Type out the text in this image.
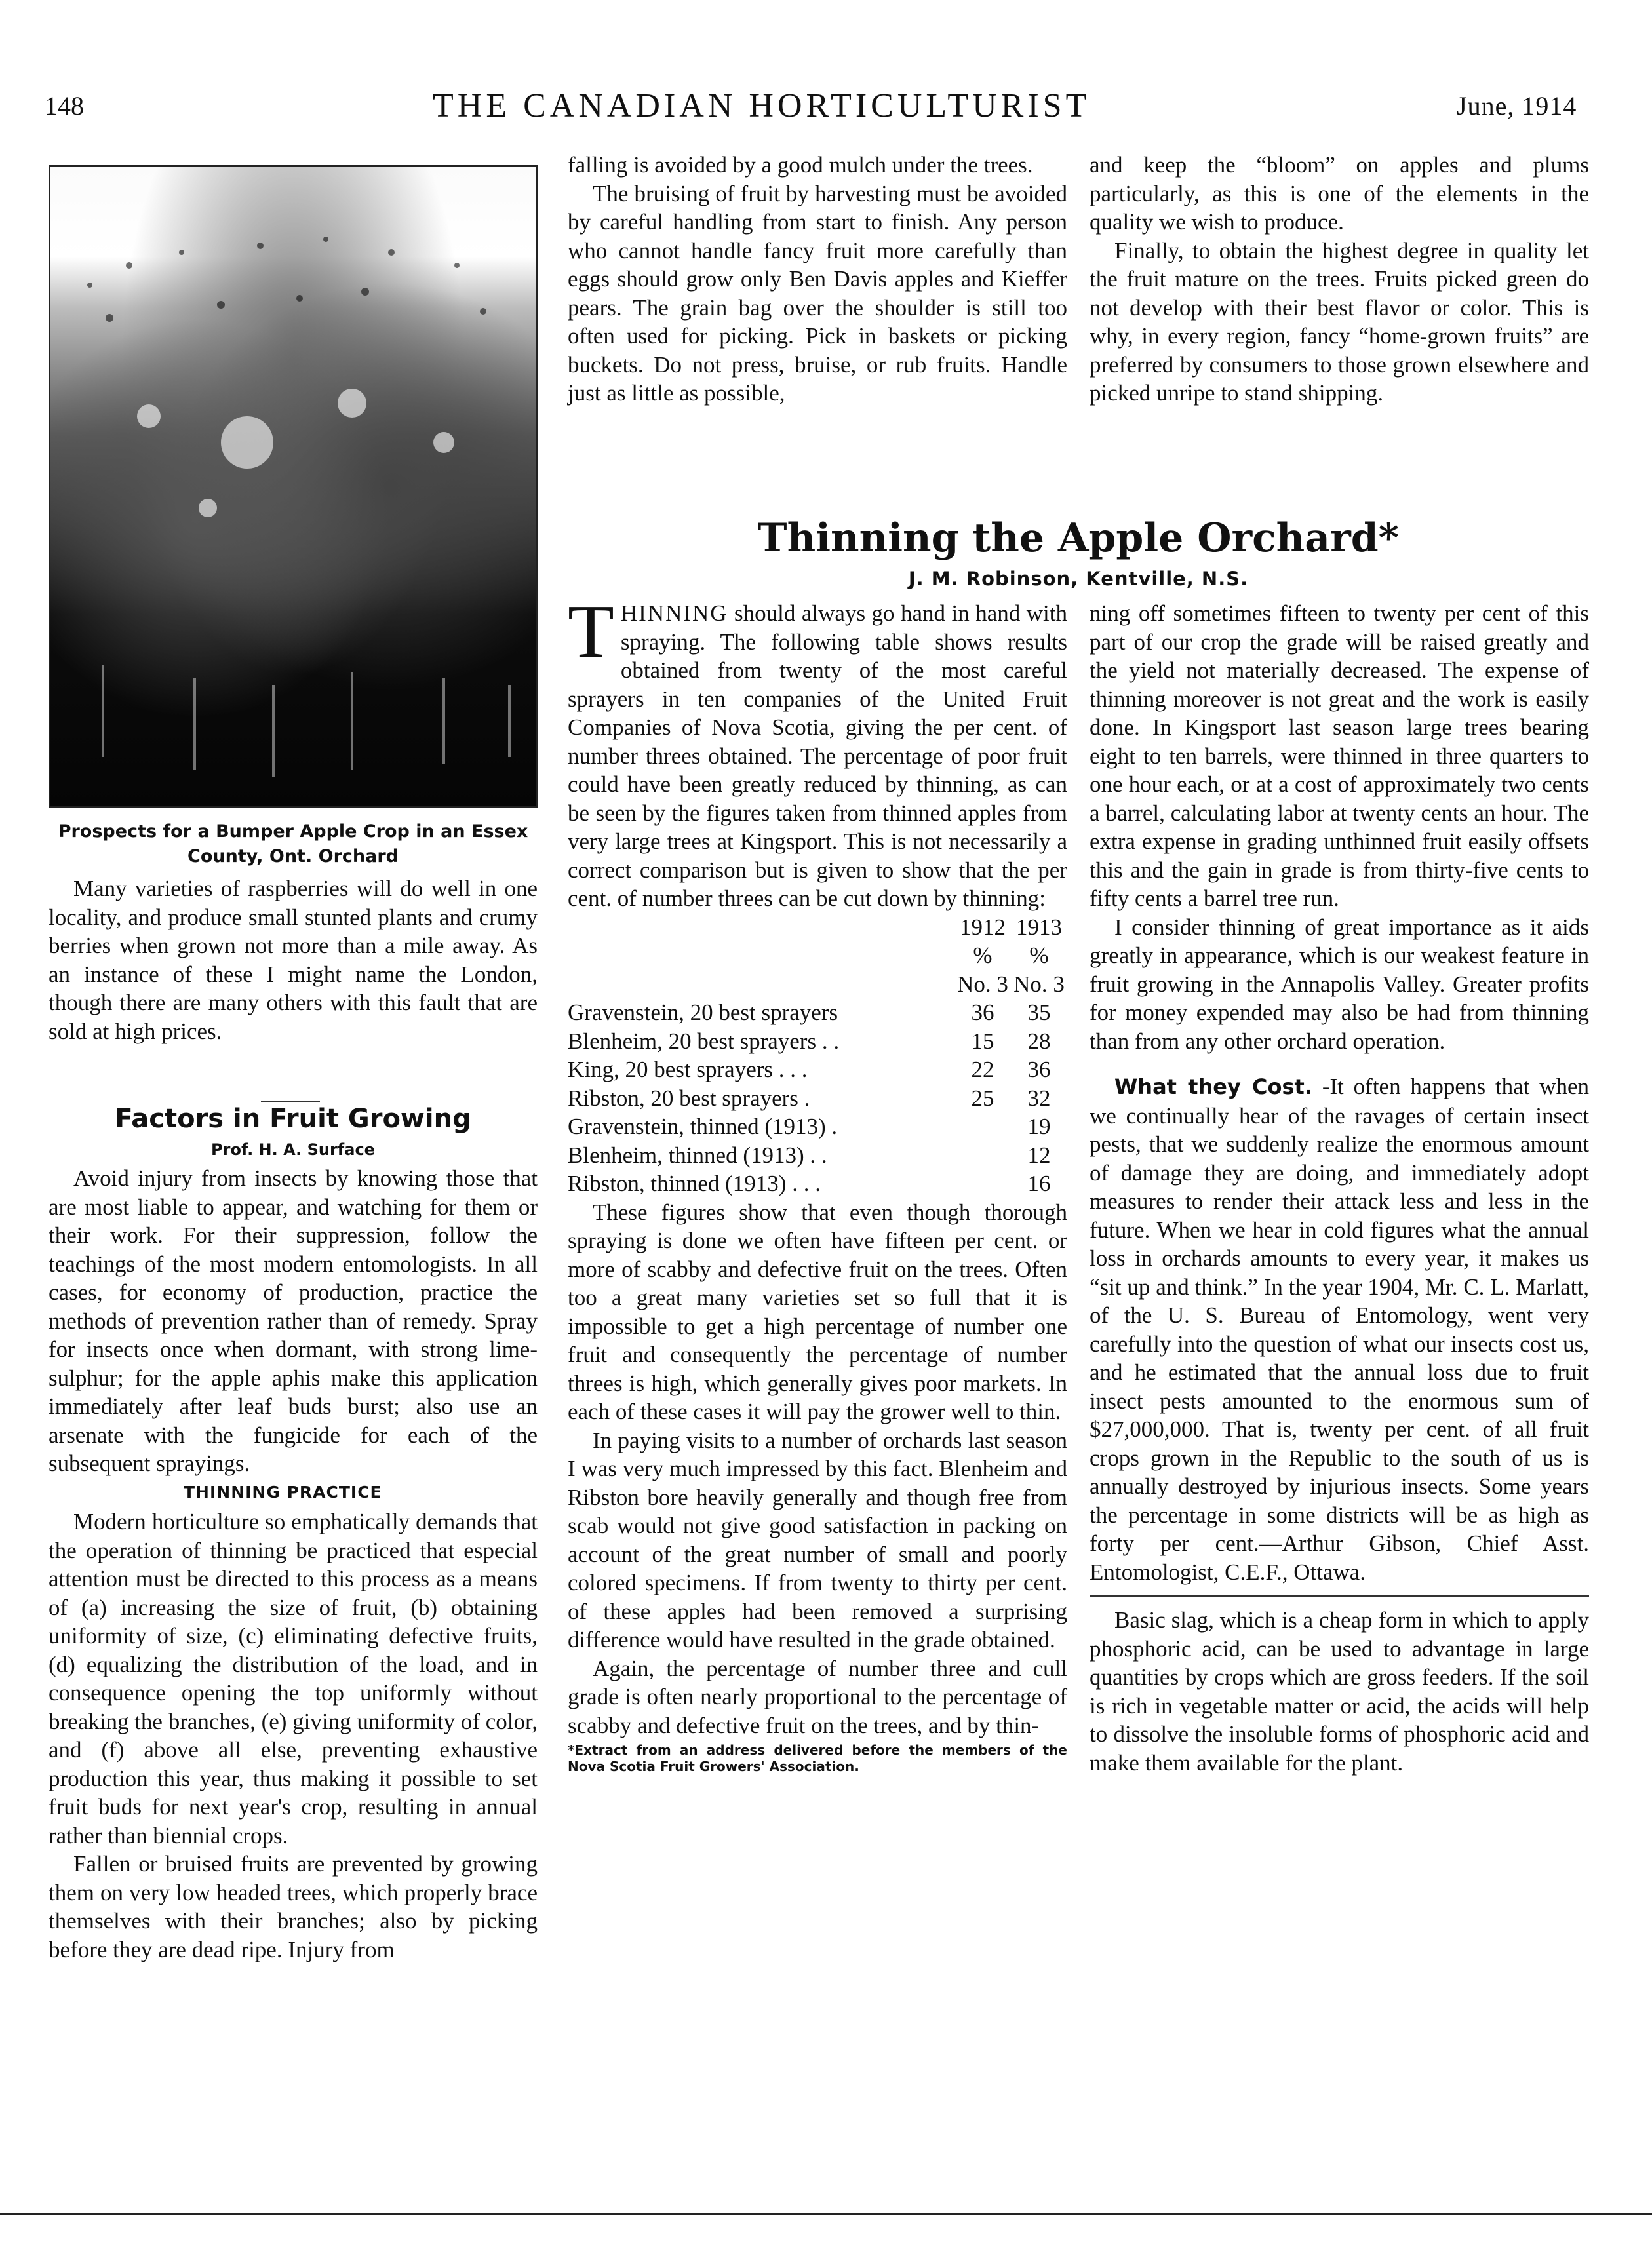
148	THE CANADIAN HORTICULTURIST	June, 1914
Prospects for a Bumper Apple Crop in an Essex County, Ont. Orchard

Many varieties of raspberries will do well in one locality, and produce small stunted plants and crumy berries when grown not more than a mile away. As an instance of these I might name the London, though there are many others with this fault that are sold at high prices.

Factors in Fruit Growing
Prof. H. A. Surface

Avoid injury from insects by knowing those that are most liable to appear, and watching for them or their work. For their suppression, follow the teachings of the most modern entomologists. In all cases, for economy of production, practice the methods of prevention rather than of remedy. Spray for insects once when dormant, with strong lime-sulphur; for the apple aphis make this application immediately after leaf buds burst; also use an arsenate with the fungicide for each of the subsequent sprayings.

THINNING PRACTICE

Modern horticulture so emphatically demands that the operation of thinning be practiced that especial attention must be directed to this process as a means of (a) increasing the size of fruit, (b) obtaining uniformity of size, (c) eliminating defective fruits, (d) equalizing the distribution of the load, and in consequence opening the top uniformly without breaking the branches, (e) giving uniformity of color, and (f) above all else, preventing exhaustive production this year, thus making it possible to set fruit buds for next year's crop, resulting in annual rather than biennial crops.

Fallen or bruised fruits are prevented by growing them on very low headed trees, which properly brace themselves with their branches; also by picking before they are dead ripe. Injury from

falling is avoided by a good mulch under the trees.

The bruising of fruit by harvesting must be avoided by careful handling from start to finish. Any person who cannot handle fancy fruit more carefully than eggs should grow only Ben Davis apples and Kieffer pears. The grain bag over the shoulder is still too often used for picking. Pick in baskets or picking buckets. Do not press, bruise, or rub fruits. Handle just as little as possible,

and keep the “bloom” on apples and plums particularly, as this is one of the elements in the quality we wish to produce.

Finally, to obtain the highest degree in quality let the fruit mature on the trees. Fruits picked green do not develop with their best flavor or color. This is why, in every region, fancy “home-grown fruits” are preferred by consumers to those grown elsewhere and picked unripe to stand shipping.

Thinning the Apple Orchard*
J. M. Robinson, Kentville, N.S.

THINNING should always go hand in hand with spraying. The following table shows results obtained from twenty of the most careful sprayers in ten companies of the United Fruit Companies of Nova Scotia, giving the per cent. of number threes obtained. The percentage of poor fruit could have been greatly reduced by thinning, as can be seen by the figures taken from thinned apples from very large trees at Kingsport. This is not necessarily a correct comparison but is given to show that the per cent. of number threes can be cut down by thinning:

	1912	1913
	%	%
	No. 3	No. 3
Gravenstein, 20 best sprayers	36	35
Blenheim, 20 best sprayers . .	15	28
King, 20 best sprayers . . .	22	36
Ribston, 20 best sprayers .	25	32
Gravenstein, thinned (1913) .		19
Blenheim, thinned (1913) . .		12
Ribston, thinned (1913) . . .		16

These figures show that even though thorough spraying is done we often have fifteen per cent. or more of scabby and defective fruit on the trees. Often too a great many varieties set so full that it is impossible to get a high percentage of number one fruit and consequently the percentage of number threes is high, which generally gives poor markets. In each of these cases it will pay the grower well to thin.

In paying visits to a number of orchards last season I was very much impressed by this fact. Blenheim and Ribston bore heavily generally and though free from scab would not give good satisfaction in packing on account of the great number of small and poorly colored specimens. If from twenty to thirty per cent. of these apples had been removed a surprising difference would have resulted in the grade obtained.

Again, the percentage of number three and cull grade is often nearly proportional to the percentage of scabby and defective fruit on the trees, and by thin-

*Extract from an address delivered before the members of the Nova Scotia Fruit Growers' Association.

ning off sometimes fifteen to twenty per cent of this part of our crop the grade will be raised greatly and the yield not materially decreased. The expense of thinning moreover is not great and the work is easily done. In Kingsport last season large trees bearing eight to ten barrels, were thinned in three quarters to one hour each, or at a cost of approximately two cents a barrel, calculating labor at twenty cents an hour. The extra expense in grading unthinned fruit easily offsets this and the gain in grade is from thirty-five cents to fifty cents a barrel tree run.

I consider thinning of great importance as it aids greatly in appearance, which is our weakest feature in fruit growing in the Annapolis Valley. Greater profits for money expended may also be had from thinning than from any other orchard operation.

What they Cost. -It often happens that when we continually hear of the ravages of certain insect pests, that we suddenly realize the enormous amount of damage they are doing, and immediately adopt measures to render their attack less and less in the future. When we hear in cold figures what the annual loss in orchards amounts to every year, it makes us “sit up and think.” In the year 1904, Mr. C. L. Marlatt, of the U. S. Bureau of Entomology, went very carefully into the question of what our insects cost us, and he estimated that the annual loss due to fruit insect pests amounted to the enormous sum of $27,000,000. That is, twenty per cent. of all fruit crops grown in the Republic to the south of us is annually destroyed by injurious insects. Some years the percentage in some districts will be as high as forty per cent.—Arthur Gibson, Chief Asst. Entomologist, C.E.F., Ottawa.

Basic slag, which is a cheap form in which to apply phosphoric acid, can be used to advantage in large quantities by crops which are gross feeders. If the soil is rich in vegetable matter or acid, the acids will help to dissolve the insoluble forms of phosphoric acid and make them available for the plant.
